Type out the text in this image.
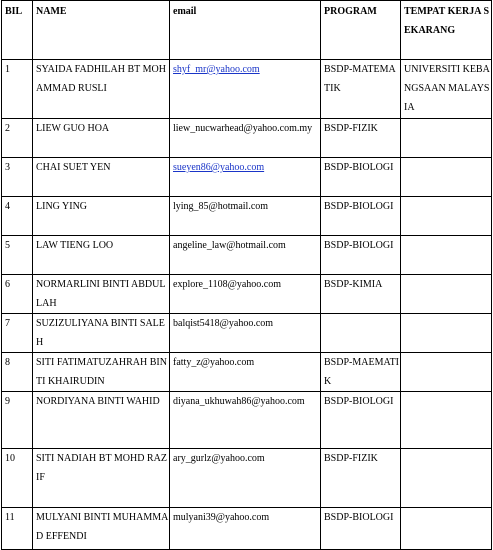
BIL	NAME	email	PROGRAM	TEMPAT KERJA SEKARANG

1	SYAIDA FADHILAH BT MOHAMMAD RUSLI	shyf_mr@yahoo.com	BSDP-MATEMATIK	UNIVERSITI KEBANGSAAN MALAYSIA

2	LIEW GUO HOA	liew_nucwarhead@yahoo.com.my	BSDP-FIZIK	

3	CHAI SUET YEN	sueyen86@yahoo.com	BSDP-BIOLOGI	

4	LING YING	lying_85@hotmail.com	BSDP-BIOLOGI	

5	LAW TIENG LOO	angeline_law@hotmail.com	BSDP-BIOLOGI	

6	NORMARLINI BINTI ABDULLAH	explore_1108@yahoo.com	BSDP-KIMIA	

7	SUZIZULIYANA BINTI SALEH	balqist5418@yahoo.com		

8	SITI FATIMATUZAHRAH BINTI KHAIRUDIN	fatty_z@yahoo.com	BSDP-MAEMATIK	

9	NORDIYANA BINTI WAHID	diyana_ukhuwah86@yahoo.com	BSDP-BIOLOGI	

10	SITI NADIAH BT MOHD RAZIF	ary_gurlz@yahoo.com	BSDP-FIZIK	

11	MULYANI BINTI MUHAMMAD EFFENDI	mulyani39@yahoo.com	BSDP-BIOLOGI	
